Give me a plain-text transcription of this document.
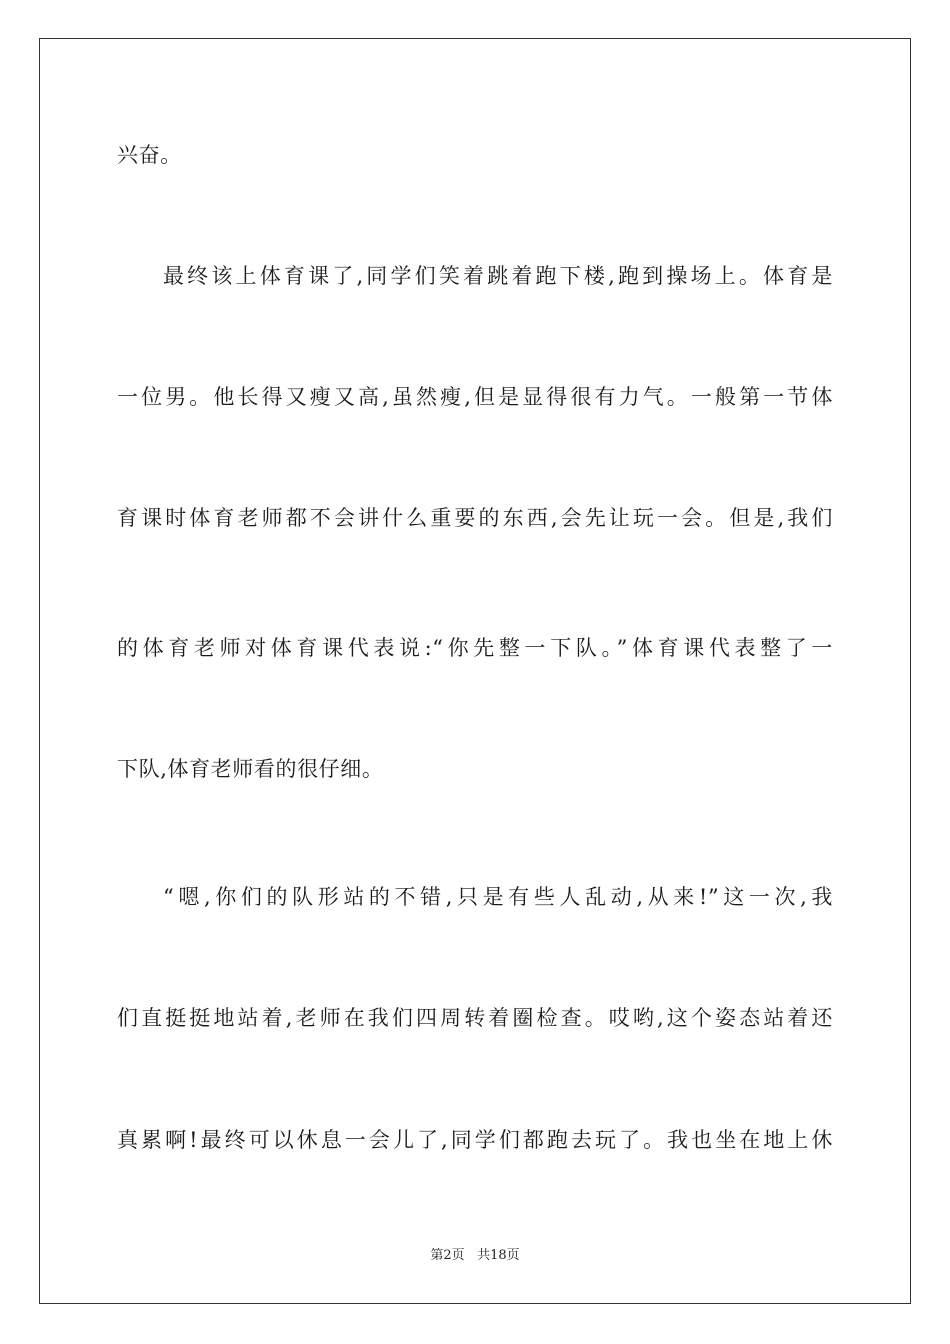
兴奋。
最终该上体育课了,同学们笑着跳着跑下楼,跑到操场上。体育是
一位男。他长得又瘦又高,虽然瘦,但是显得很有力气。一般第一节体
育课时体育老师都不会讲什么重要的东西,会先让玩一会。但是,我们
的体育老师对体育课代表说:“你先整一下队。”体育课代表整了一
下队,体育老师看的很仔细。
“嗯,你们的队形站的不错,只是有些人乱动,从来!”这一次,我
们直挺挺地站着,老师在我们四周转着圈检查。哎哟,这个姿态站着还
真累啊!最终可以休息一会儿了,同学们都跑去玩了。我也坐在地上休
第2页 共18页
